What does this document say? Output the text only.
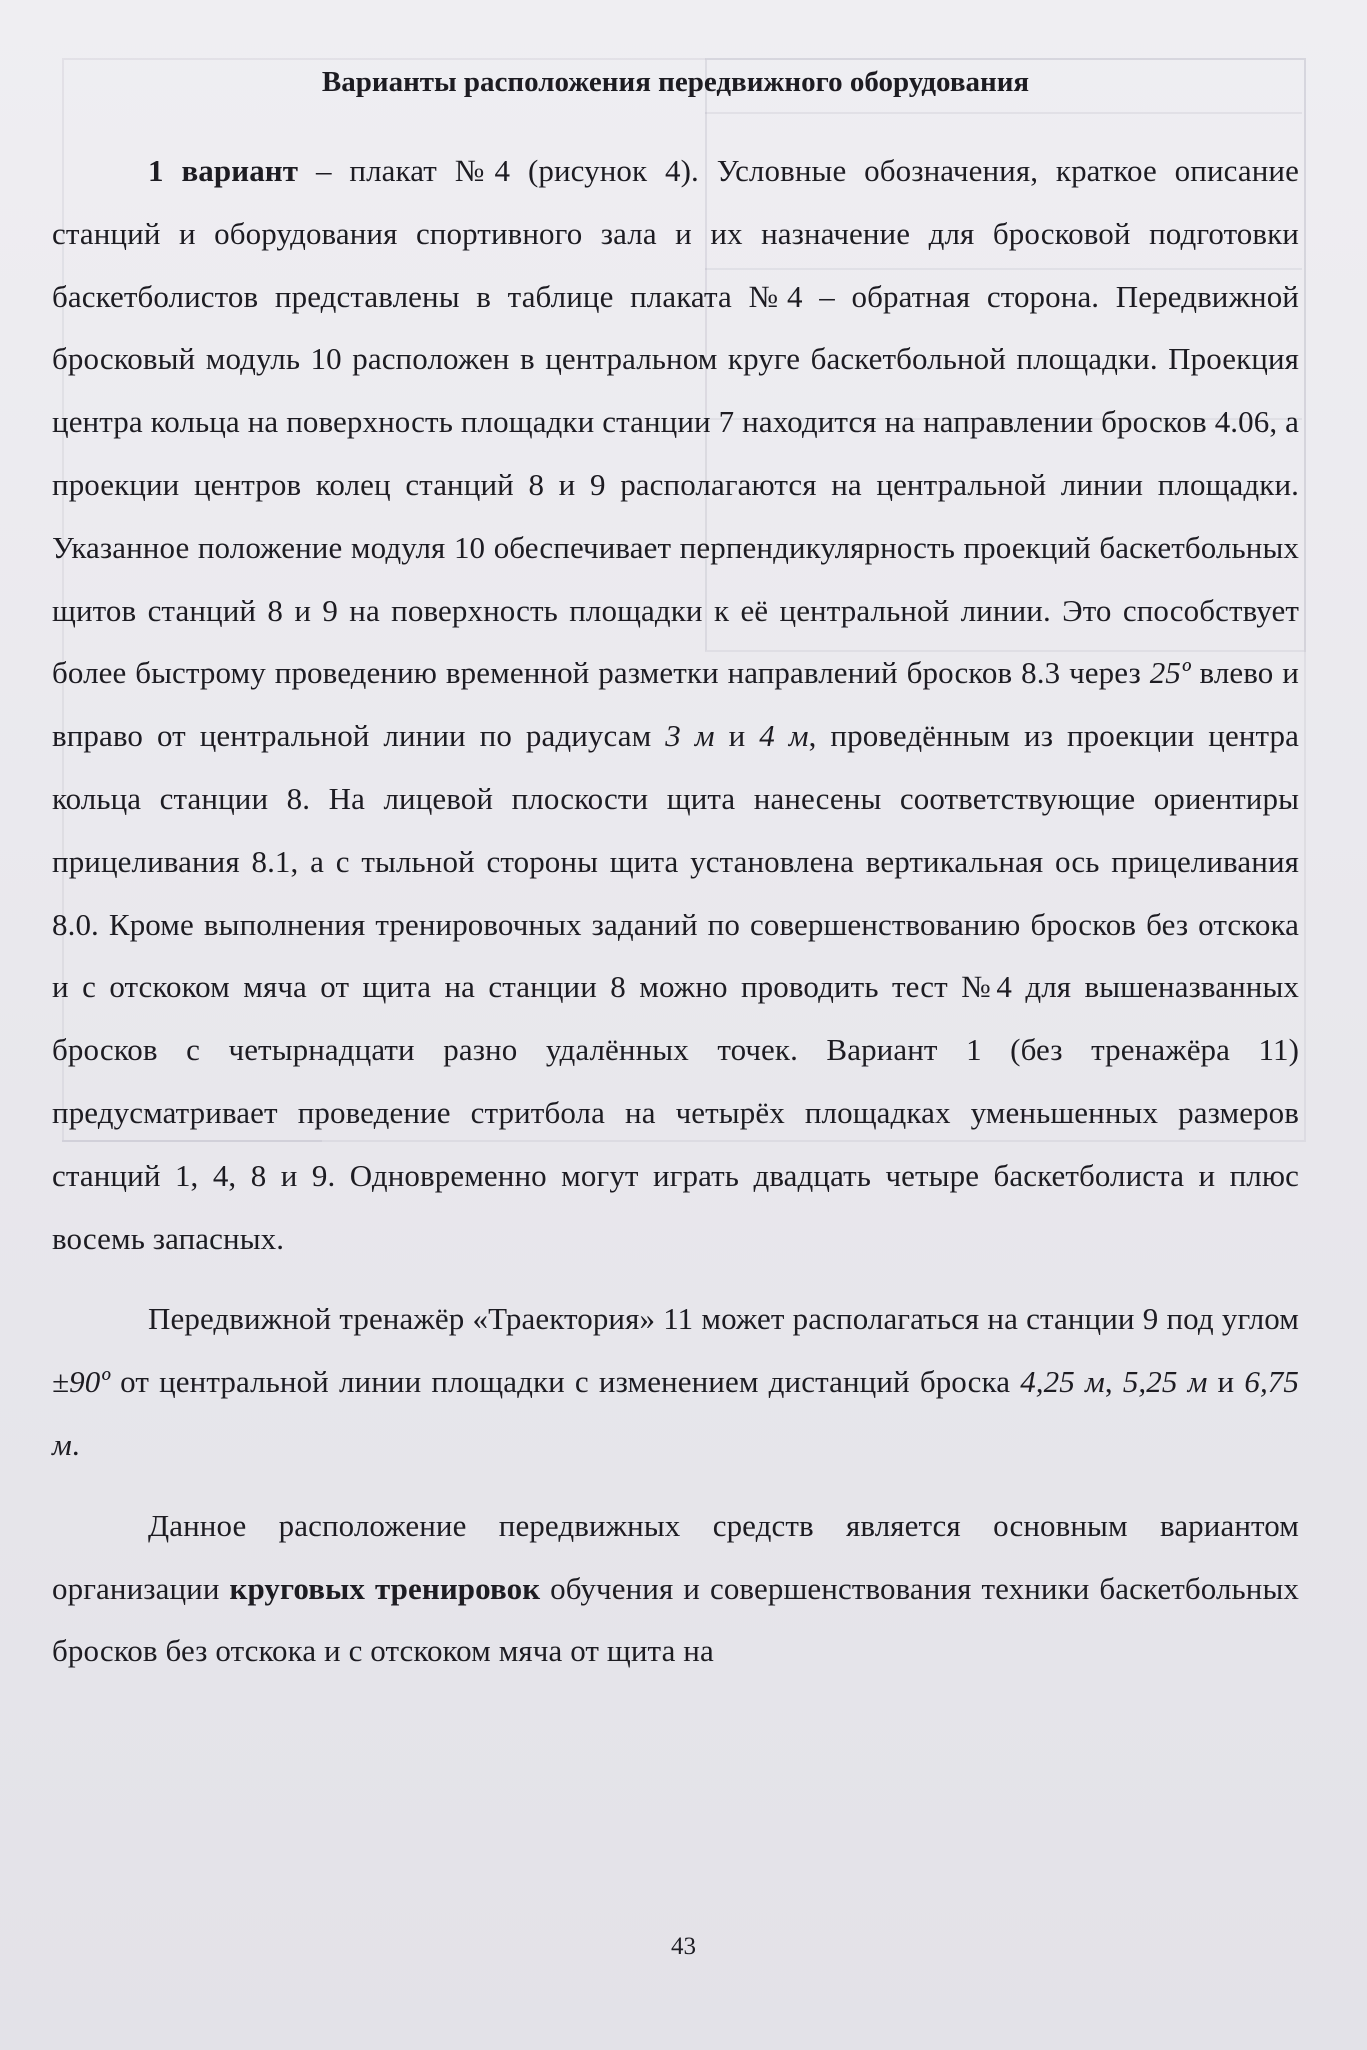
Варианты расположения передвижного оборудования

1 вариант – плакат №4 (рисунок 4). Условные обозначения, краткое описание станций и оборудования спортивного зала и их назначение для бросковой подготовки баскетболистов представлены в таблице плаката №4 – обратная сторона. Передвижной бросковый модуль 10 расположен в центральном круге баскетбольной площадки. Проекция центра кольца на поверхность площадки станции 7 находится на направлении бросков 4.06, а проекции центров колец станций 8 и 9 располагаются на центральной линии площадки. Указанное положение модуля 10 обеспечивает перпендикулярность проекций баскетбольных щитов станций 8 и 9 на поверхность площадки к её центральной линии. Это способствует более быстрому проведению временной разметки направлений бросков 8.3 через 25º влево и вправо от центральной линии по радиусам 3 м и 4 м, проведённым из проекции центра кольца станции 8. На лицевой плоскости щита нанесены соответствующие ориентиры прицеливания 8.1, а с тыльной стороны щита установлена вертикальная ось прицеливания 8.0. Кроме выполнения тренировочных заданий по совершенствованию бросков без отскока и с отскоком мяча от щита на станции 8 можно проводить тест №4 для вышеназванных бросков с четырнадцати разно удалённых точек. Вариант 1 (без тренажёра 11) предусматривает проведение стритбола на четырёх площадках уменьшенных размеров станций 1, 4, 8 и 9. Одновременно могут играть двадцать четыре баскетболиста и плюс восемь запасных.

Передвижной тренажёр «Траектория» 11 может располагаться на станции 9 под углом ±90º от центральной линии площадки с изменением дистанций броска 4,25 м, 5,25 м и 6,75 м.

Данное расположение передвижных средств является основным вариантом организации круговых тренировок обучения и совершенствования техники баскетбольных бросков без отскока и с отскоком мяча от щита на

43
